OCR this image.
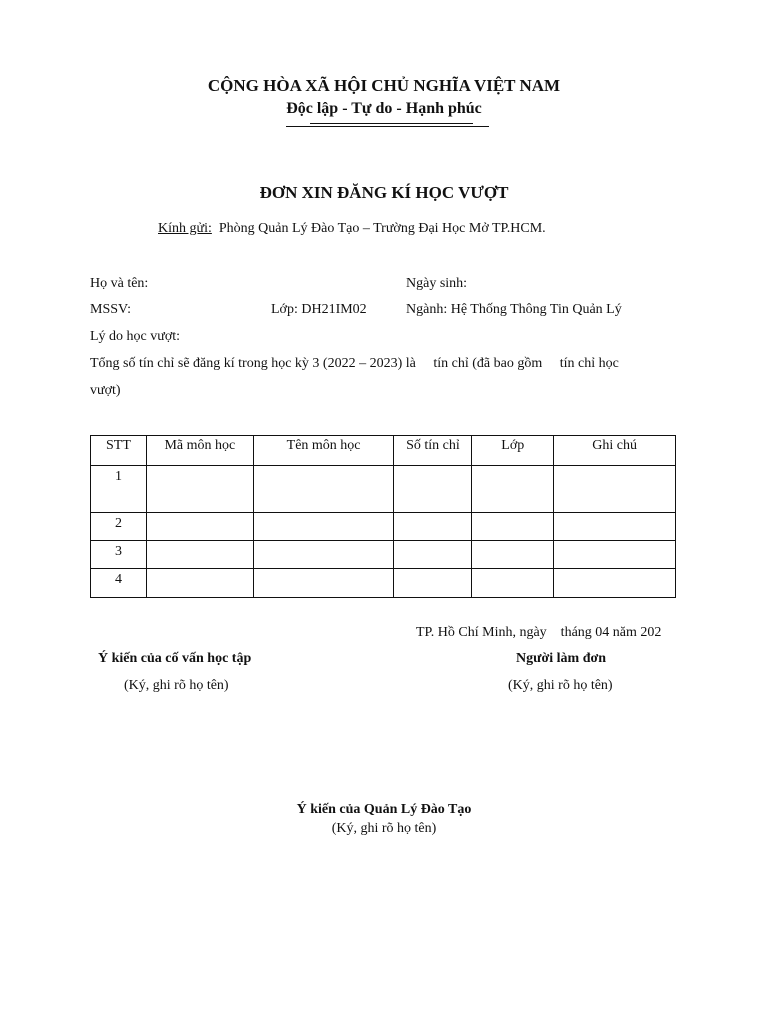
CỘNG HÒA XÃ HỘI CHỦ NGHĨA VIỆT NAM
Độc lập - Tự do - Hạnh phúc
ĐƠN XIN ĐĂNG KÍ HỌC VƯỢT
Kính gửi: Phòng Quản Lý Đào Tạo – Trường Đại Học Mở TP.HCM.
Họ và tên:	Ngày sinh:
MSSV:	Lớp: DH21IM02	Ngành: Hệ Thống Thông Tin Quản Lý
Lý do học vượt:
Tổng số tín chỉ sẽ đăng kí trong học kỳ 3 (2022 – 2023) là     tín chỉ (đã bao gồm     tín chỉ học
vượt)
STT	Mã môn học	Tên môn học	Số tín chỉ	Lớp	Ghi chú
1					
2					
3					
4					
TP. Hồ Chí Minh, ngày    tháng 04 năm 202
Ý kiến của cố vấn học tập
(Ký, ghi rõ họ tên)
Người làm đơn
(Ký, ghi rõ họ tên)
Ý kiến của Quản Lý Đào Tạo
(Ký, ghi rõ họ tên)
